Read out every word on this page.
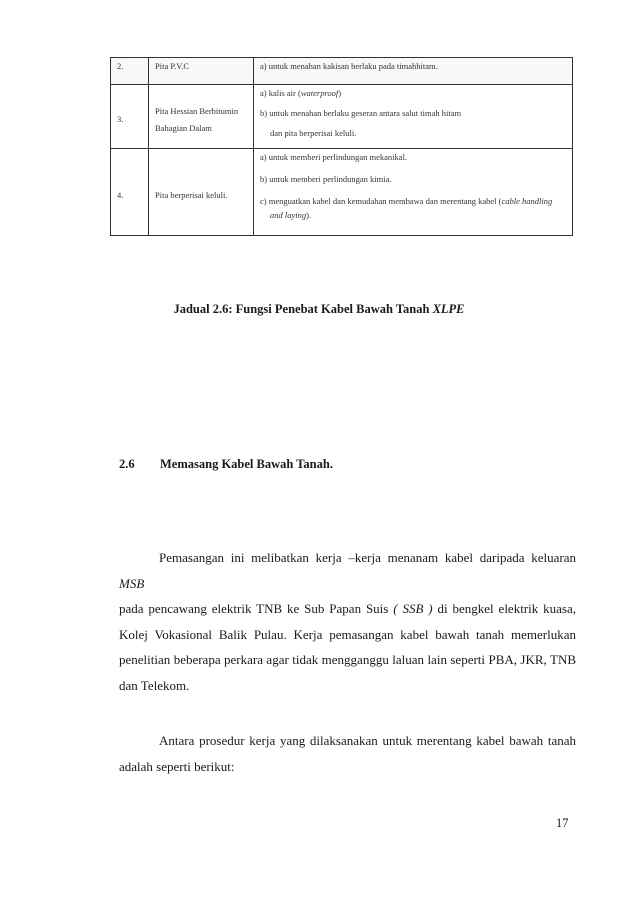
2.	Pita P.V.C	a) untuk menahan kakisan berlaku pada timahhitam.

3.	Pita Hessian Berbitumin
Bahagian Dalam	a) kalis air (waterproof)
b) untuk menahan berlaku geseran antara salut timah hitam
dan pita berperisai keluli.

4.	Pita berperisai keluli.	a) untuk memberi perlindungan mekanikal.
b) untuk memberi perlindungan kimia.
c) menguatkan kabel dan kemudahan membawa dan merentang kabel (cable handling
and laying).
Jadual 2.6: Fungsi Penebat Kabel Bawah Tanah XLPE
2.6 Memasang Kabel Bawah Tanah.
Pemasangan ini melibatkan kerja –kerja menanam kabel daripada keluaran MSB
pada pencawang elektrik TNB ke Sub Papan Suis ( SSB ) di bengkel elektrik kuasa,
Kolej Vokasional Balik Pulau. Kerja pemasangan kabel bawah tanah memerlukan
penelitian beberapa perkara agar tidak mengganggu laluan lain seperti PBA, JKR, TNB
dan Telekom.
Antara prosedur kerja yang dilaksanakan untuk merentang kabel bawah tanah
adalah seperti berikut:
17
